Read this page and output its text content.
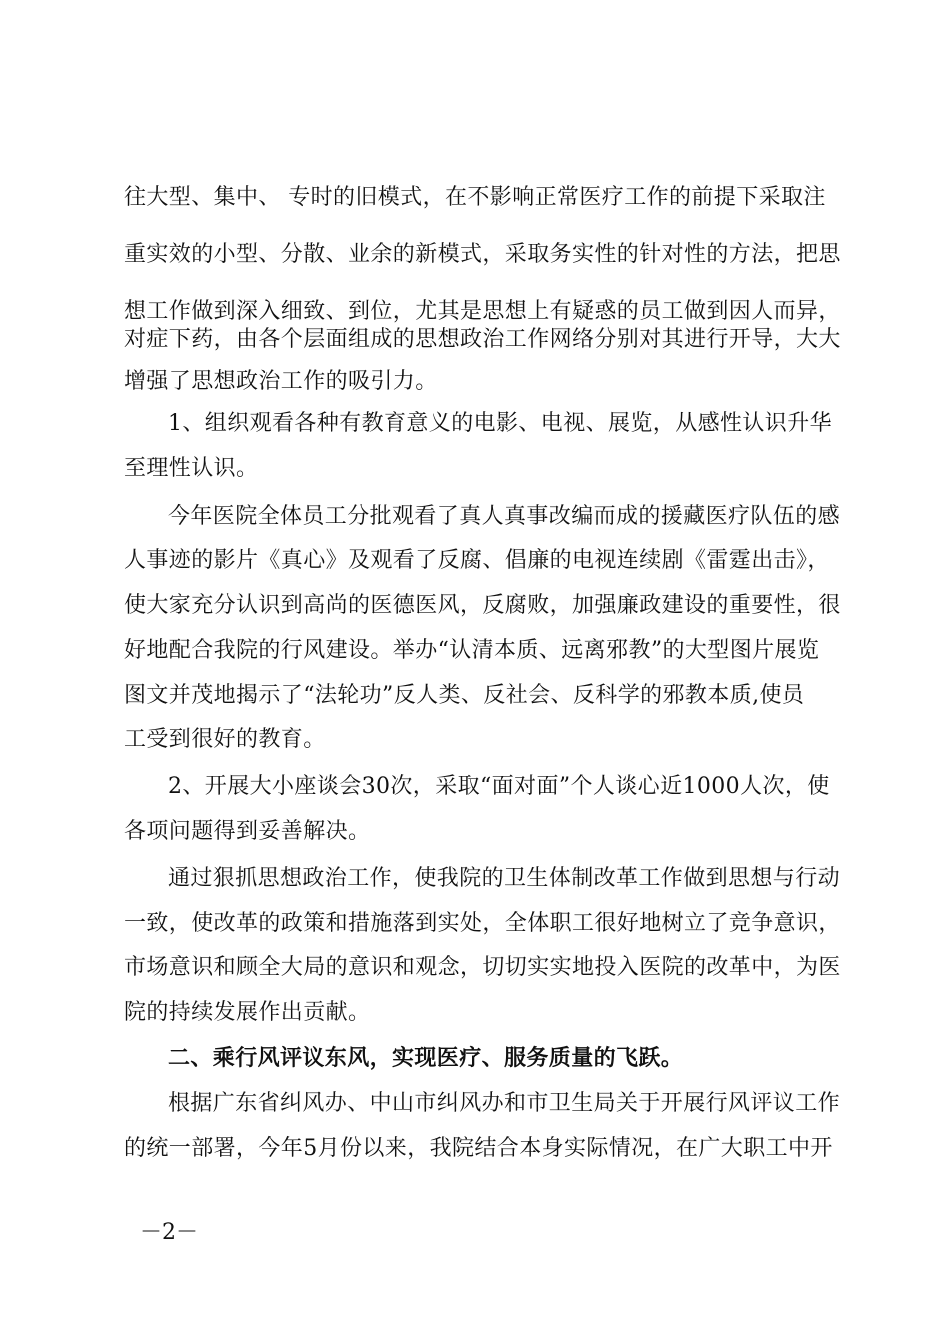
往大型、集中、 专时的旧模式，在不影响正常医疗工作的前提下采取注
重实效的小型、分散、业余的新模式，采取务实性的针对性的方法，把思
想工作做到深入细致、到位，尤其是思想上有疑惑的员工做到因人而异，
对症下药，由各个层面组成的思想政治工作网络分别对其进行开导，大大
增强了思想政治工作的吸引力。
1、组织观看各种有教育意义的电影、电视、展览，从感性认识升华
至理性认识。
今年医院全体员工分批观看了真人真事改编而成的援藏医疗队伍的感
人事迹的影片《真心》及观看了反腐、倡廉的电视连续剧《雷霆出击》，
使大家充分认识到高尚的医德医风，反腐败，加强廉政建设的重要性，很
好地配合我院的行风建设。举办“认清本质、远离邪教”的大型图片展览
图文并茂地揭示了“法轮功”反人类、反社会、反科学的邪教本质,使员
工受到很好的教育。
2、开展大小座谈会30次，采取“面对面”个人谈心近1000人次，使
各项问题得到妥善解决。
通过狠抓思想政治工作，使我院的卫生体制改革工作做到思想与行动
一致，使改革的政策和措施落到实处，全体职工很好地树立了竞争意识，
市场意识和顾全大局的意识和观念，切切实实地投入医院的改革中，为医
院的持续发展作出贡献。
二、乘行风评议东风，实现医疗、服务质量的飞跃。
根据广东省纠风办、中山市纠风办和市卫生局关于开展行风评议工作
的统一部署，今年5月份以来，我院结合本身实际情况，在广大职工中开
－2－
